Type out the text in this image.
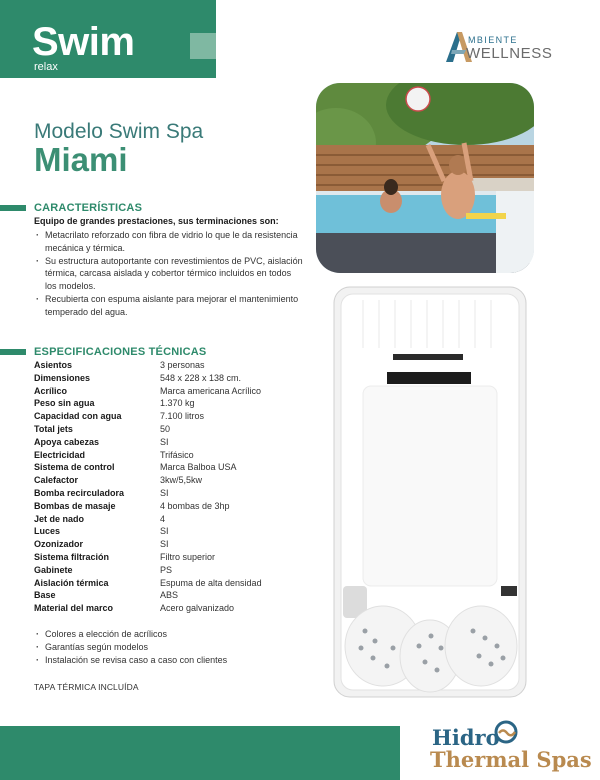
Swim
relax
MBIENTE
WELLNESS
Modelo Swim Spa
Miami
CARACTERÍSTICAS
Equipo de grandes prestaciones, sus terminaciones son:
· Metacrilato reforzado con fibra de vidrio lo que le da resistencia mecánica y térmica.
· Su estructura autoportante con revestimientos de PVC, aislación térmica, carcasa aislada y cobertor térmico incluidos en todos los modelos.
· Recubierta con espuma aislante para mejorar el mantenimiento temperado del agua.
ESPECIFICACIONES TÉCNICAS
Asientos	3 personas
Dimensiones	548 x 228 x 138 cm.
Acrílico	Marca americana Acrílico
Peso sin agua	1.370 kg
Capacidad con agua	7.100 litros
Total jets	50
Apoya cabezas	SI
Electricidad	Trifásico
Sistema de control	Marca Balboa USA
Calefactor	3kw/5,5kw
Bomba recirculadora	SI
Bombas de masaje	4 bombas de 3hp
Jet de nado	4
Luces	SI
Ozonizador	SI
Sistema filtración	Filtro superior
Gabinete	PS
Aislación térmica	Espuma de alta densidad
Base	ABS
Material del marco	Acero galvanizado
· Colores a elección de acrílicos
· Garantías según modelos
· Instalación se revisa caso a caso con clientes
TAPA TÉRMICA INCLUÍDA
Hidro
Thermal Spas
